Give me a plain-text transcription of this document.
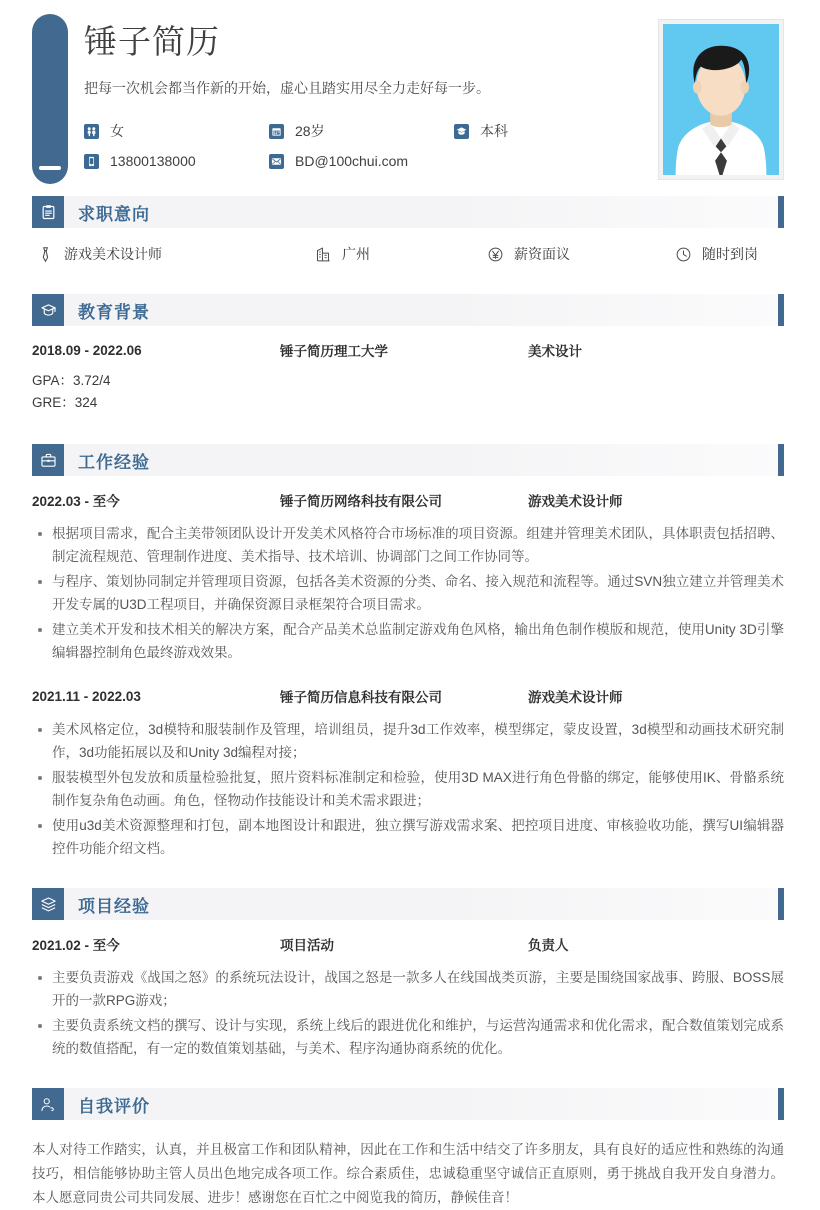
锤子简历
把每一次机会都当作新的开始，虚心且踏实用尽全力走好每一步。
女	28岁	本科
13800138000	BD@100chui.com
求职意向
游戏美术设计师	广州	薪资面议	随时到岗
教育背景
2018.09 - 2022.06	锤子简历理工大学	美术设计
GPA：3.72/4
GRE：324
工作经验
2022.03 - 至今	锤子简历网络科技有限公司	游戏美术设计师
根据项目需求，配合主美带领团队设计开发美术风格符合市场标准的项目资源。组建并管理美术团队，具体职责包括招聘、制定流程规范、管理制作进度、美术指导、技术培训、协调部门之间工作协同等。
与程序、策划协同制定并管理项目资源，包括各美术资源的分类、命名、接入规范和流程等。通过SVN独立建立并管理美术开发专属的U3D工程项目，并确保资源目录框架符合项目需求。
建立美术开发和技术相关的解决方案，配合产品美术总监制定游戏角色风格，输出角色制作模版和规范，使用Unity 3D引擎编辑器控制角色最终游戏效果。
2021.11 - 2022.03	锤子简历信息科技有限公司	游戏美术设计师
美术风格定位，3d模特和服装制作及管理，培训组员，提升3d工作效率，模型绑定，蒙皮设置，3d模型和动画技术研究制作，3d功能拓展以及和Unity 3d编程对接；
服装模型外包发放和质量检验批复，照片资料标准制定和检验，使用3D MAX进行角色骨骼的绑定，能够使用IK、骨骼系统制作复杂角色动画。角色，怪物动作技能设计和美术需求跟进；
使用u3d美术资源整理和打包，副本地图设计和跟进，独立撰写游戏需求案、把控项目进度、审核验收功能，撰写UI编辑器控件功能介绍文档。
项目经验
2021.02 - 至今	项目活动	负责人
主要负责游戏《战国之怒》的系统玩法设计，战国之怒是一款多人在线国战类页游，主要是围绕国家战事、跨服、BOSS展开的一款RPG游戏；
主要负责系统文档的撰写、设计与实现，系统上线后的跟进优化和维护，与运营沟通需求和优化需求，配合数值策划完成系统的数值搭配，有一定的数值策划基础，与美术、程序沟通协商系统的优化。
自我评价
本人对待工作踏实，认真，并且极富工作和团队精神，因此在工作和生活中结交了许多朋友，具有良好的适应性和熟练的沟通技巧，相信能够协助主管人员出色地完成各项工作。综合素质佳，忠诚稳重坚守诚信正直原则，勇于挑战自我开发自身潜力。本人愿意同贵公司共同发展、进步！感谢您在百忙之中阅览我的简历，静候佳音！
